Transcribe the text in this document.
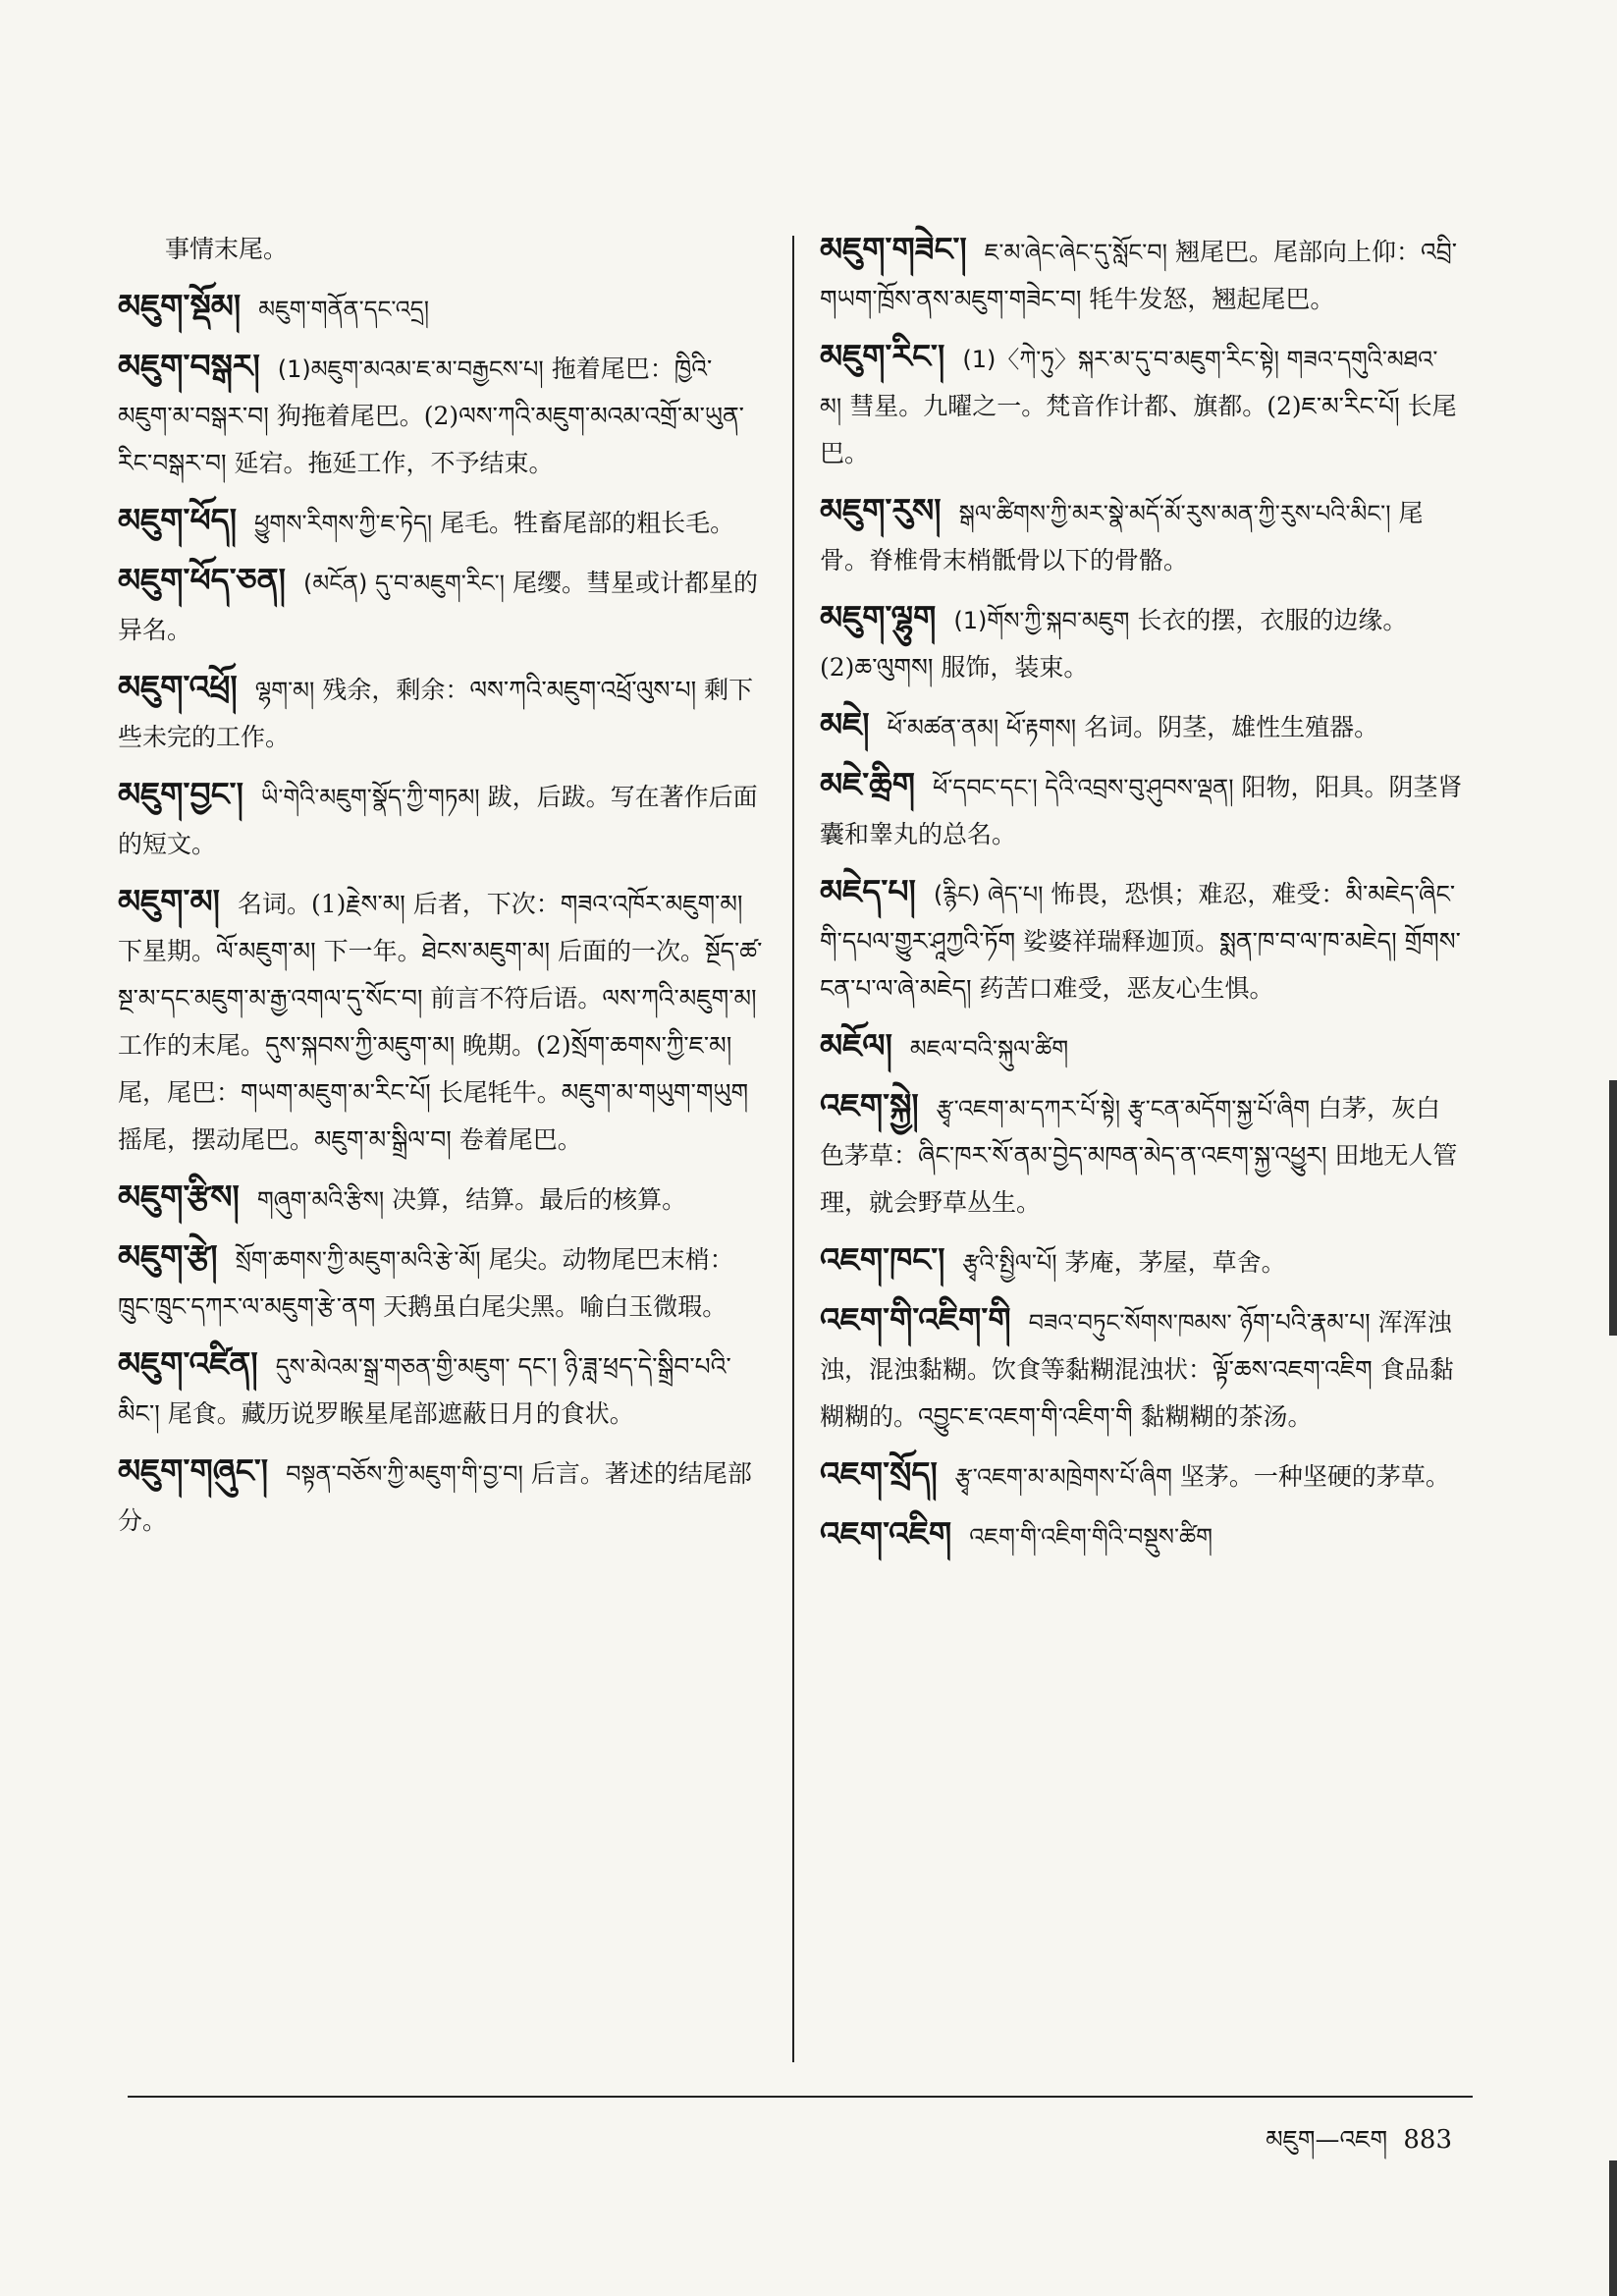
事情末尾。

མཇུག་སྡོམ། མཇུག་གནོན་དང་འདྲ།

མཇུག་བསྒར། (1)མཇུག་མའམ་ཇ་མ་བརྒྱངས་པ། 拖着尾巴：ཁྱིའི་མཇུག་མ་བསྒར་བ། 狗拖着尾巴。(2)ལས་ཀའི་མཇུག་མའམ་འགྲོ་མ་ཡུན་རིང་བསྒར་བ། 延宕。拖延工作，不予结束。

མཇུག་ཕོད། ཕྱུགས་རིགས་ཀྱི་ཇ་ཏེད། 尾毛。牲畜尾部的粗长毛。

མཇུག་ཕོད་ཅན། (མངོན) དུ་བ་མཇུག་རིང་། 尾缨。彗星或计都星的异名。

མཇུག་འཕྲོ། ལྷག་མ། 残余，剩余：ལས་ཀའི་མཇུག་འཕྲོ་ལུས་པ། 剩下些未完的工作。

མཇུག་བྱང་། ཡི་གེའི་མཇུག་སྣོད་ཀྱི་གཏམ། 跋，后跋。写在著作后面的短文。

མཇུག་མ། 名词。(1)རྗེས་མ། 后者，下次：གཟའ་འཁོར་མཇུག་མ། 下星期。ལོ་མཇུག་མ། 下一年。ཐེངས་མཇུག་མ། 后面的一次。སྔོད་ཚ་སྔ་མ་དང་མཇུག་མ་རྒྱ་འགལ་དུ་སོང་བ། 前言不符后语。ལས་ཀའི་མཇུག་མ། 工作的末尾。དུས་སྐབས་ཀྱི་མཇུག་མ། 晚期。(2)སྲོག་ཆགས་ཀྱི་ཇ་མ། 尾，尾巴：གཡག་མཇུག་མ་རིང་པོ། 长尾牦牛。མཇུག་མ་གཡུག་གཡུག 摇尾，摆动尾巴。མཇུག་མ་སྒྲིལ་བ། 卷着尾巴。

མཇུག་རྩིས། གཞུག་མའི་རྩིས། 决算，结算。最后的核算。

མཇུག་རྩེ། སྲོག་ཆགས་ཀྱི་མཇུག་མའི་རྩེ་མོ། 尾尖。动物尾巴末梢：ཁྲུང་ཁྲུང་དཀར་ལ་མཇུག་རྩེ་ནག 天鹅虽白尾尖黑。喻白玉微瑕。

མཇུག་འཛིན། དུས་མེའམ་སྒྲ་གཅན་གྱི་མཇུག་ དང་། ཉི་ཟླ་ཕྲད་དེ་སྒྲིབ་པའི་མིང་། 尾食。藏历说罗睺星尾部遮蔽日月的食状。

མཇུག་གཞུང་། བསྟན་བཅོས་ཀྱི་མཇུག་གི་བྱ་བ། 后言。著述的结尾部分。

མཇུག་གཟེང་། ཇ་མ་ཞེང་ཞེང་དུ་སློང་བ། 翘尾巴。尾部向上仰：འབྲི་གཡག་ཁྲོས་ནས་མཇུག་གཟེང་བ། 牦牛发怒，翘起尾巴。

མཇུག་རིང་། (1)〈ཀེ་ཏུ〉སྐར་མ་དུ་བ་མཇུག་རིང་སྟེ། གཟའ་དགུའི་མཐའ་མ། 彗星。九曜之一。梵音作计都、旗都。(2)ཇ་མ་རིང་པོ། 长尾巴。

མཇུག་རུས། སྒལ་ཚིགས་ཀྱི་མར་སྣེ་མདོ་མོ་རུས་མན་ཀྱི་རུས་པའི་མིང་། 尾骨。脊椎骨末梢骶骨以下的骨骼。

མཇུག་ལྷུག (1)གོས་ཀྱི་སྐབ་མཇུག 长衣的摆，衣服的边缘。(2)ཆ་ལུགས། 服饰，装束。

མཇེ། ཕོ་མཚན་ནམ། ཕོ་རྟགས། 名词。阴茎，雄性生殖器。

མཇེ་ཆྲིག ཕོ་དབང་དང་། དེའི་འབྲས་བུ་ཤུབས་ལྡན། 阳物，阳具。阴茎肾囊和睾丸的总名。

མཇེད་པ། (རྙིང) ཞེད་པ། 怖畏，恐惧；难忍，难受：མི་མཇེད་ཞིང་གི་དཔལ་གྱུར་ཤཱཀྱའི་ཏོག 娑婆祥瑞释迦顶。སྨན་ཁ་བ་ལ་ཁ་མཇེད། གྲོགས་ངན་པ་ལ་ཞེ་མཇེད། 药苦口难受，恶友心生惧。

མཇོལ། མཇལ་བའི་སྐུལ་ཚིག

འཇག་སྐྱེ། རྩྭ་འཇག་མ་དཀར་པོ་སྟེ། རྩྭ་ངན་མདོག་སྐྱ་པོ་ཞིག 白茅，灰白色茅草：ཞིང་ཁར་སོ་ནམ་བྱེད་མཁན་མེད་ན་འཇག་སྐྱ་འཕྱུར། 田地无人管理，就会野草丛生。

འཇག་ཁང་། རྩྭའི་སྤྱིལ་པོ། 茅庵，茅屋，草舍。

འཇག་གི་འཇིག་གི བཟའ་བཏུང་སོགས་ཁམས་ ཉོག་པའི་རྣམ་པ། 浑浑浊浊，混浊黏糊。饮食等黏糊混浊状：ལྟོ་ཆས་འཇག་འཇིག 食品黏糊糊的。འབྱུང་ཇ་འཇག་གི་འཇིག་གི 黏糊糊的茶汤。

འཇག་སྲོད། རྩྭ་འཇག་མ་མཁྲེགས་པོ་ཞིག 坚茅。一种坚硬的茅草。

འཇག་འཇིག འཇག་གི་འཇིག་གིའི་བསྡུས་ཚིག

མཇུག—འཇག 883
